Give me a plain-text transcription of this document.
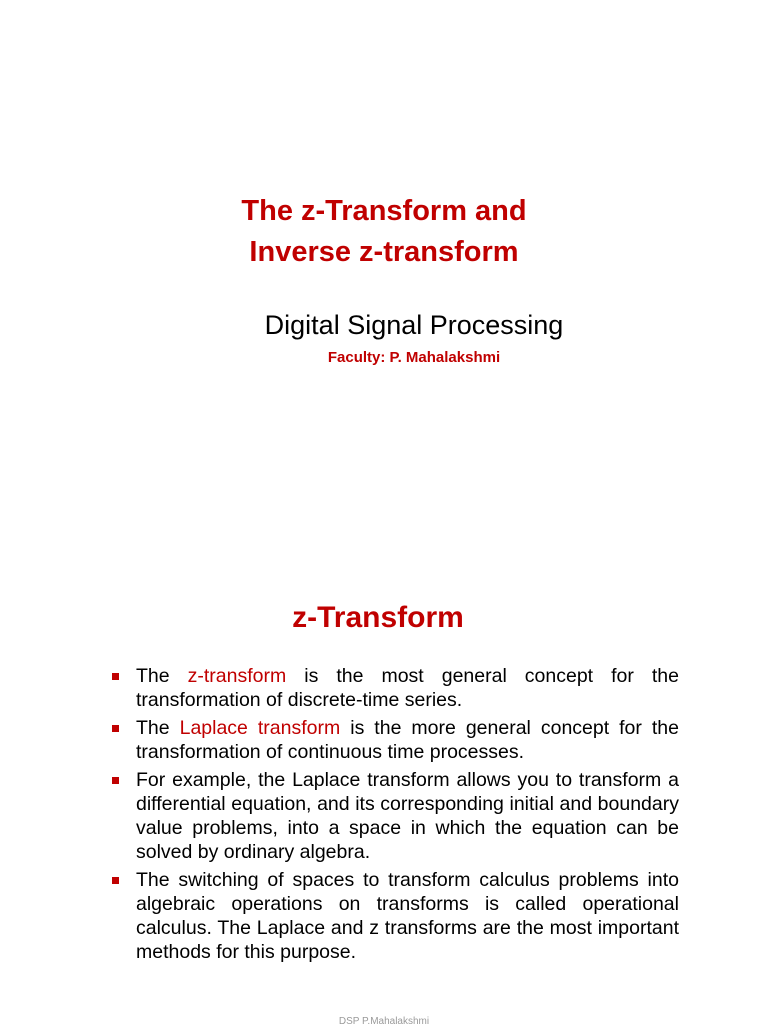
The z-Transform and
Inverse z-transform
Digital Signal Processing
Faculty: P. Mahalakshmi
z-Transform
The z-transform is the most general concept for the transformation of discrete-time series.
The Laplace transform is the more general concept for the transformation of continuous time processes.
For example, the Laplace transform allows you to transform a differential equation, and its corresponding initial and boundary value problems, into a space in which the equation can be solved by ordinary algebra.
The switching of spaces to transform calculus problems into algebraic operations on transforms is called operational calculus. The Laplace and z transforms are the most important methods for this purpose.
DSP P.Mahalakshmi
